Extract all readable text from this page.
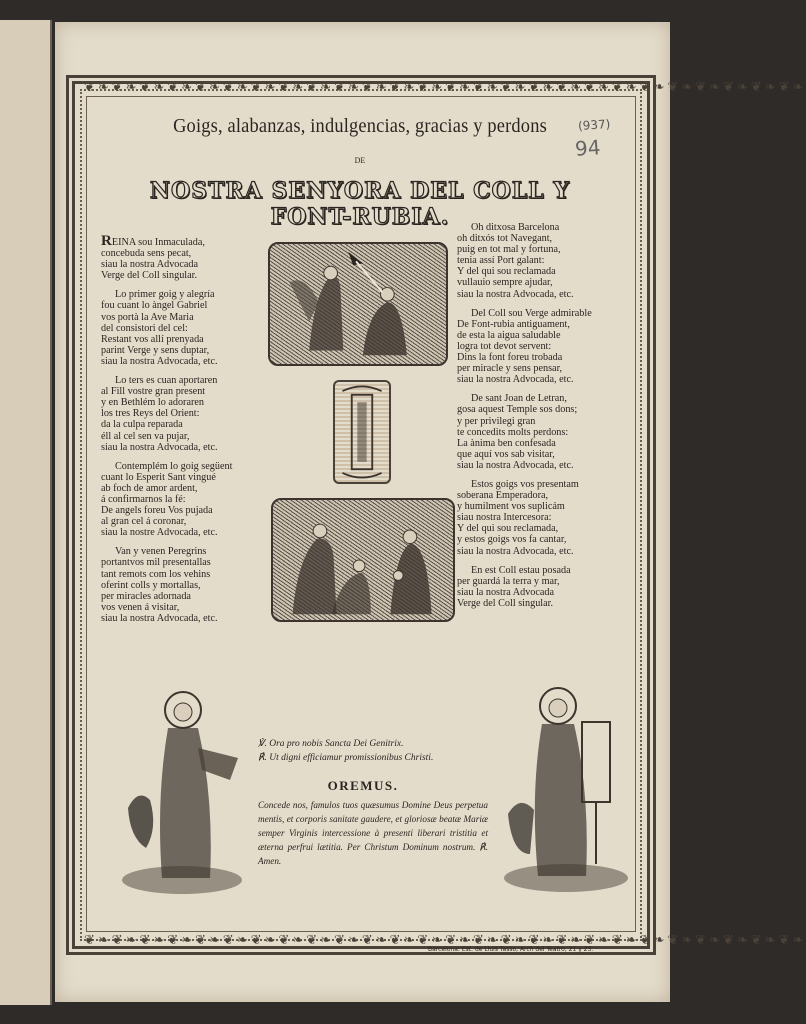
❦❧❦❧❦❧❦❧❦❧❦❧❦❧❦❧❦❧❦❧❦❧❦❧❦❧❦❧❦❧❦❧❦❧❦❧❦❧❦❧❦❧❦❧❦❧❦❧❦❧❦❧
❦❧❦❧❦❧❦❧❦❧❦❧❦❧❦❧❦❧❦❧❦❧❦❧❦❧❦❧❦❧❦❧❦❧❦❧❦❧❦❧❦❧❦❧❦❧❦❧❦❧❦❧
Goigs, alabanzas, indulgencias, gracias y perdons
DE
NOSTRA SENYORA DEL COLL Y FONT-RUBIA.
(937)
94
REINA sou Inmaculada,
concebuda sens pecat,
siau la nostra Advocada
Verge del Coll singular.
Lo primer goig y alegría
fou cuant lo àngel Gabriel
vos portà la Ave Maria
del consistori del cel:
Restant vos allí prenyada
parint Verge y sens duptar,
siau la nostra Advocada, etc.
Lo ters es cuan aportaren
al Fill vostre gran present
y en Bethlém lo adoraren
los tres Reys del Orient:
da la culpa reparada
éll al cel sen va pujar,
siau la nostra Advocada, etc.
Contemplém lo goig següent
cuant lo Esperit Sant vingué
ab foch de amor ardent,
á confirmarnos la fé:
De angels foreu Vos pujada
al gran cel á coronar,
siau la nostre Advocada, etc.
Van y venen Peregrins
portantvos mil presentallas
tant remots com los vehins
oferint colls y mortallas,
per miracles adornada
vos venen á visitar,
siau la nostra Advocada, etc.
Oh ditxosa Barcelona
oh ditxós tot Navegant,
puig en tot mal y fortuna,
tenia assí Port galant:
Y del qui sou reclamada
vullauio sempre ajudar,
siau la nostra Advocada, etc.
Del Coll sou Verge admirable
De Font-rubia antiguament,
de esta la aigua saludable
logra tot devot servent:
Dins la font foreu trobada
per miracle y sens pensar,
siau la nostra Advocada, etc.
De sant Joan de Letran,
gosa aquest Temple sos dons;
y per privilegi gran
te concedits molts perdons:
La ànima ben confesada
que aquí vos sab visitar,
siau la nostra Advocada, etc.
Estos goigs vos presentam
soberana Emperadora,
y humilment vos suplicám
siau nostra Intercesora:
Y del qui sou reclamada,
y estos goigs vos fa cantar,
siau la nostra Advocada, etc.
En est Coll estau posada
per guardá la terra y mar,
siau la nostra Advocada
Verge del Coll singular.
℣. Ora pro nobis Sancta Dei Genitrix.
℟. Ut digni efficiamur promissionibus Christi.
OREMUS.
Concede nos, famulos tuos quæsumus Domine Deus perpetua mentis, et corporis sanitate gaudere, et gloriosæ beatæ Mariæ semper Virginis intercessione à presenti liberari tristitia et æterna perfrui lætitia. Per Christum Dominum nostrum. ℟. Amen.
Barcelona: Est. de Lluis Tasso, Arch del Teatro, 21 y 23.
